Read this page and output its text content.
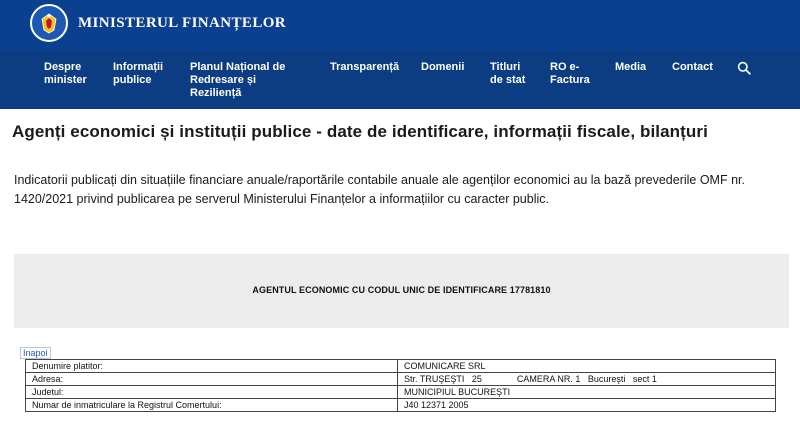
MINISTERUL FINANȚELOR
Despre minister
Informații publice
Planul Național de Redresare și Reziliență
Transparență Domenii Titluri de stat
RO e-Factura
Media Contact
Agenți economici și instituții publice - date de identificare, informații fiscale, bilanțuri

Indicatorii publicați din situațiile financiare anuale/raportările contabile anuale ale agenților economici au la bază prevederile OMF nr. 1420/2021 privind publicarea pe serverul Ministerului Finanțelor a informațiilor cu caracter public.

AGENTUL ECONOMIC CU CODUL UNIC DE IDENTIFICARE 17781810
Inapoi
Denumire platitor:	COMUNICARE SRL
Adresa:	Str. TRUŞEŞTI   25              CAMERA NR. 1   Bucureşti   sect 1
Judetul:	MUNICIPIUL BUCUREŞTI
Numar de inmatriculare la Registrul Comertului:	J40 12371 2005
